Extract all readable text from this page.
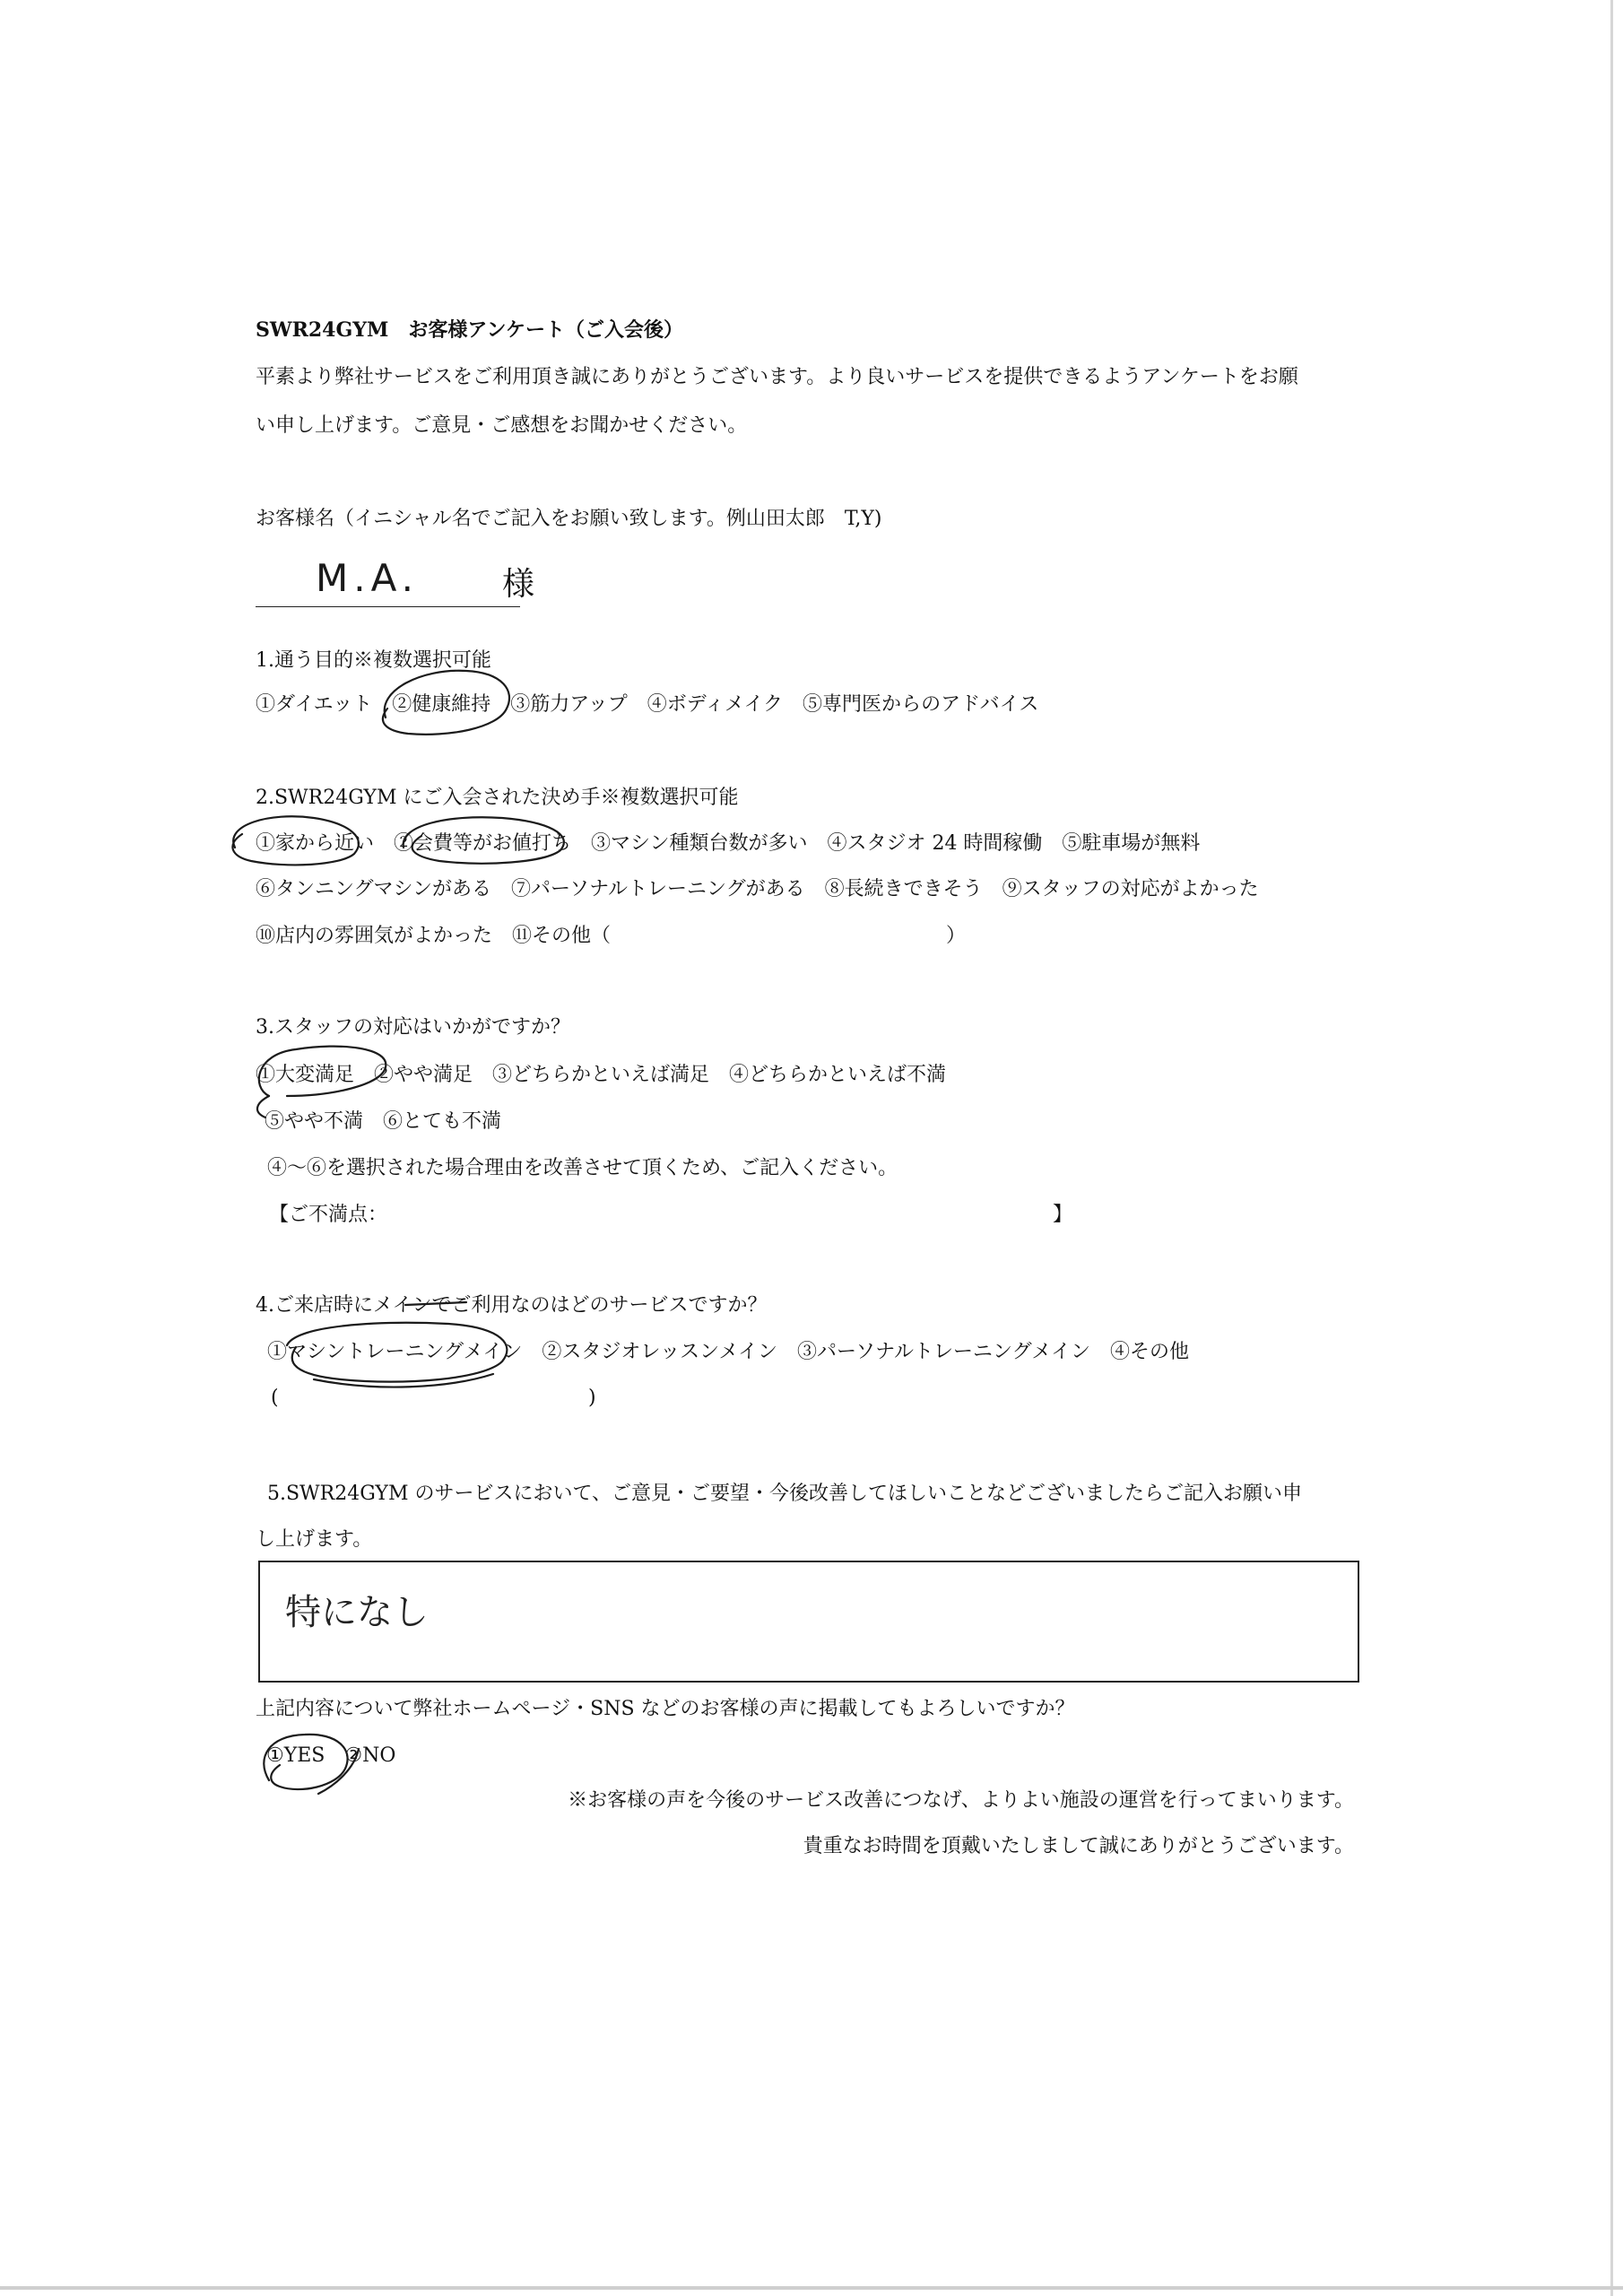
SWR24GYM　お客様アンケート（ご入会後）
平素より弊社サービスをご利用頂き誠にありがとうございます。より良いサービスを提供できるようアンケートをお願
い申し上げます。ご意見・ご感想をお聞かせください。
お客様名（イニシャル名でご記入をお願い致します。例山田太郎　T,Y)
M.A.	様
1.通う目的※複数選択可能
①ダイエット　②健康維持　③筋力アップ　④ボディメイク　⑤専門医からのアドバイス
2.SWR24GYM にご入会された決め手※複数選択可能
①家から近い　②会費等がお値打ち　③マシン種類台数が多い　④スタジオ 24 時間稼働　⑤駐車場が無料
⑥タンニングマシンがある　⑦パーソナルトレーニングがある　⑧長続きできそう　⑨スタッフの対応がよかった
⑩店内の雰囲気がよかった　⑪その他（　　　　　　　　　　　　　　　　　）
3.スタッフの対応はいかがですか？
①大変満足　②やや満足　③どちらかといえば満足　④どちらかといえば不満
⑤やや不満　⑥とても不満
④～⑥を選択された場合理由を改善させて頂くため、ご記入ください。
【ご不満点：	】
4.ご来店時にメインでご利用なのはどのサービスですか？
①マシントレーニングメイン　②スタジオレッスンメイン　③パーソナルトレーニングメイン　④その他
(	)
5.SWR24GYM のサービスにおいて、ご意見・ご要望・今後改善してほしいことなどございましたらご記入お願い申
し上げます。
特になし
上記内容について弊社ホームページ・SNS などのお客様の声に掲載してもよろしいですか？
①YES　②NO
※お客様の声を今後のサービス改善につなげ、よりよい施設の運営を行ってまいります。
貴重なお時間を頂戴いたしまして誠にありがとうございます。
